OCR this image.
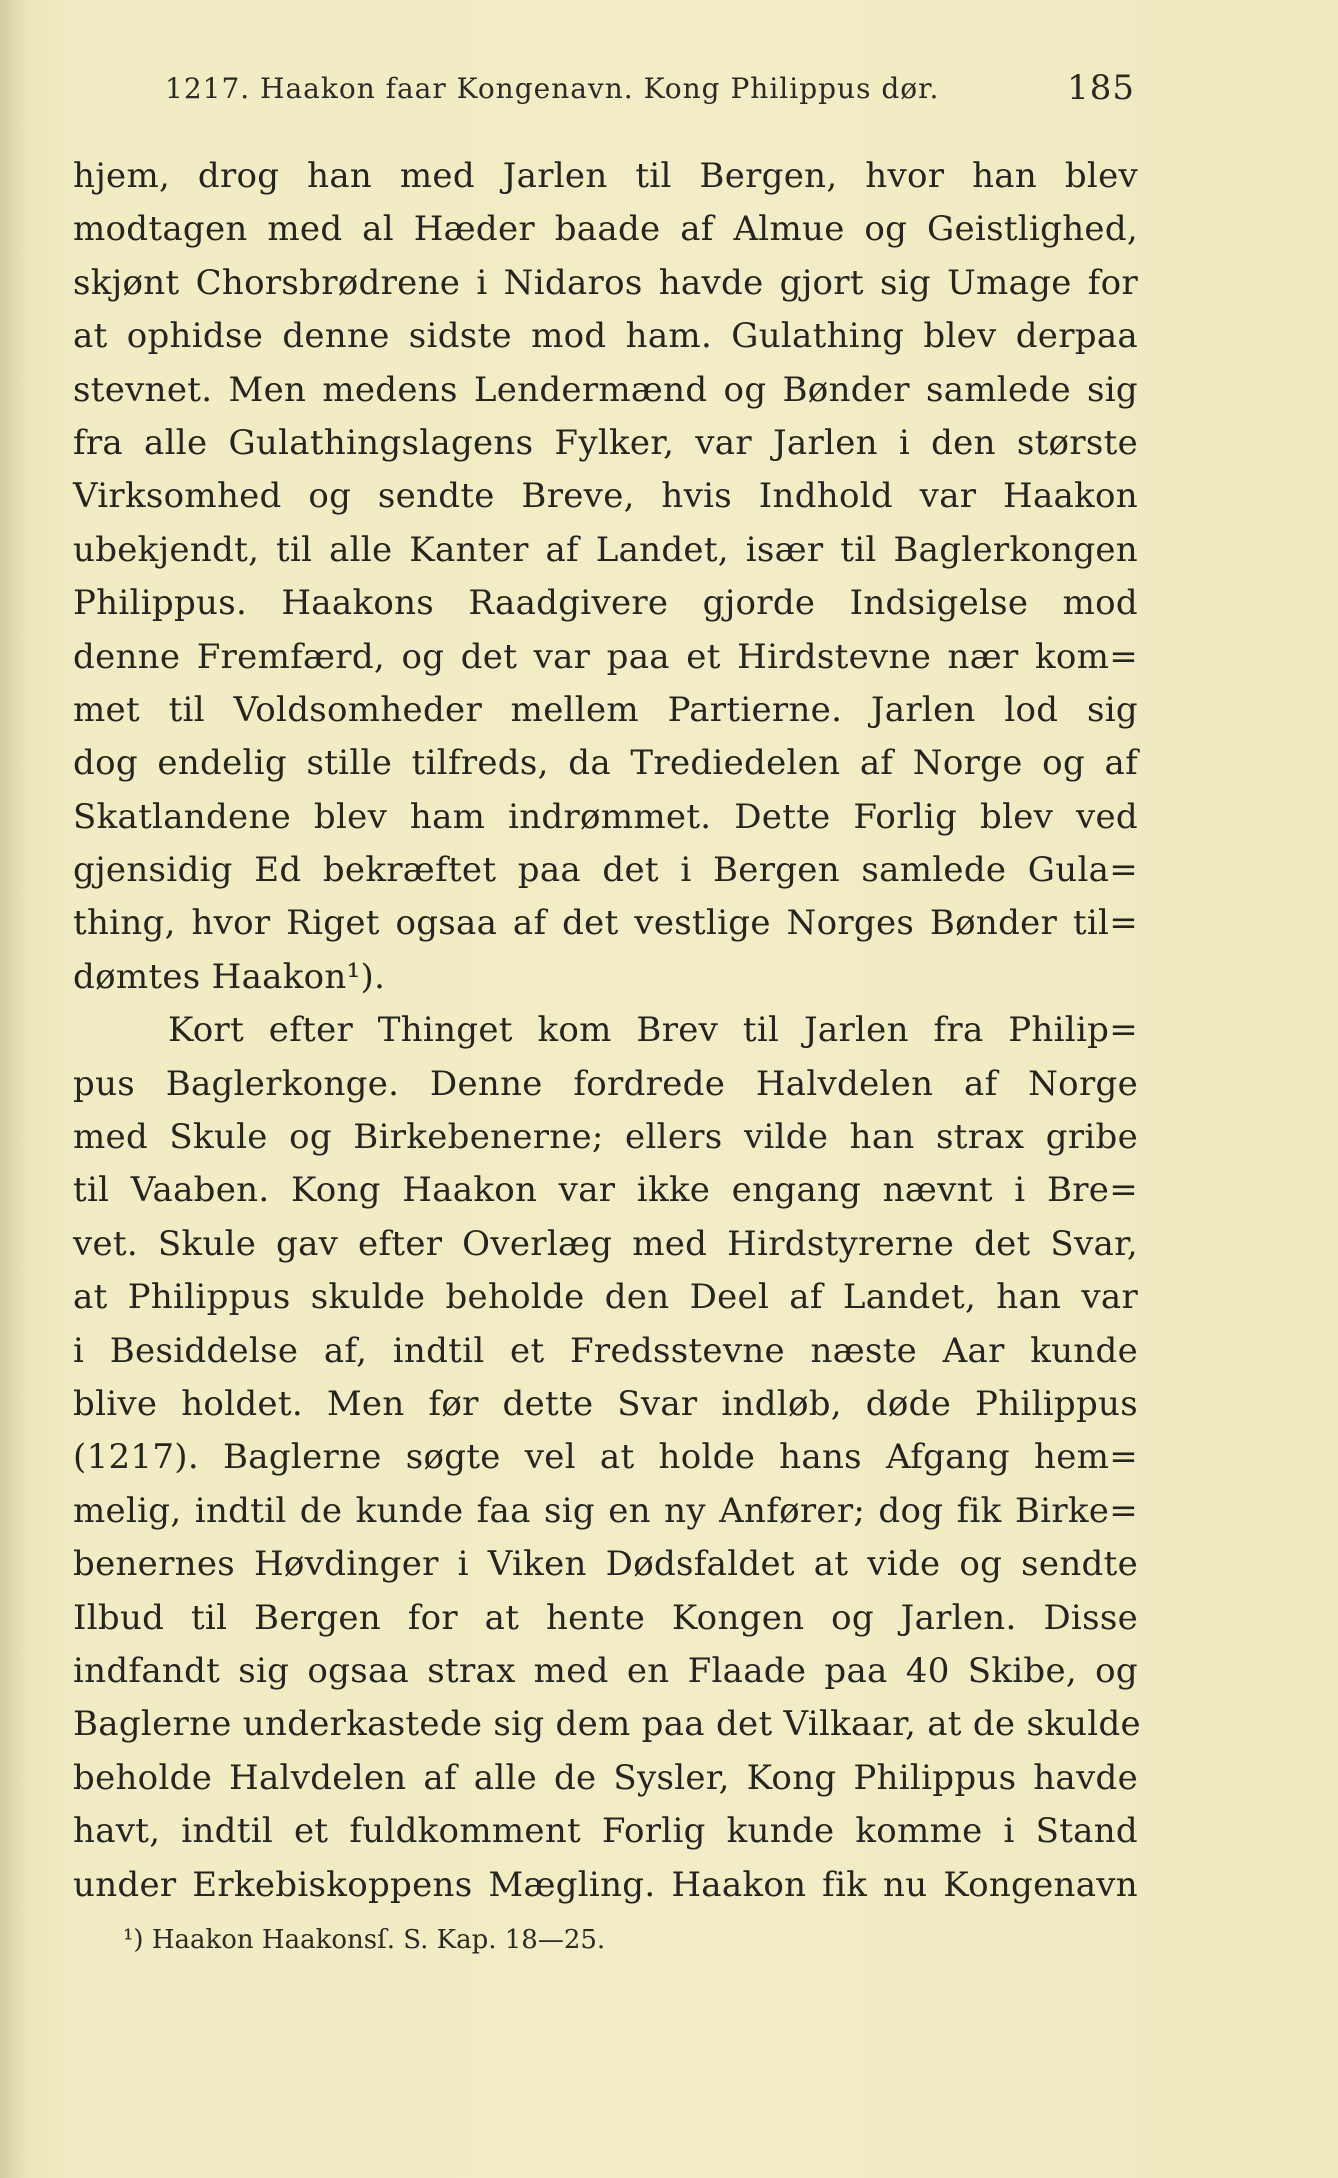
1217. Haakon faar Kongenavn. Kong Philippus dør.	185
hjem, drog han med Jarlen til Bergen, hvor han blev
modtagen med al Hæder baade af Almue og Geistlighed,
skjønt Chorsbrødrene i Nidaros havde gjort sig Umage for
at ophidse denne sidste mod ham. Gulathing blev derpaa
stevnet. Men medens Lendermænd og Bønder samlede sig
fra alle Gulathingslagens Fylker, var Jarlen i den største
Virksomhed og sendte Breve, hvis Indhold var Haakon
ubekjendt, til alle Kanter af Landet, især til Baglerkongen
Philippus. Haakons Raadgivere gjorde Indsigelse mod
denne Fremfærd, og det var paa et Hirdstevne nær kom=
met til Voldsomheder mellem Partierne. Jarlen lod sig
dog endelig stille tilfreds, da Trediedelen af Norge og af
Skatlandene blev ham indrømmet. Dette Forlig blev ved
gjensidig Ed bekræftet paa det i Bergen samlede Gula=
thing, hvor Riget ogsaa af det vestlige Norges Bønder til=
dømtes Haakon¹).
Kort efter Thinget kom Brev til Jarlen fra Philip=
pus Baglerkonge. Denne fordrede Halvdelen af Norge
med Skule og Birkebenerne; ellers vilde han strax gribe
til Vaaben. Kong Haakon var ikke engang nævnt i Bre=
vet. Skule gav efter Overlæg med Hirdstyrerne det Svar,
at Philippus skulde beholde den Deel af Landet, han var
i Besiddelse af, indtil et Fredsstevne næste Aar kunde
blive holdet. Men før dette Svar indløb, døde Philippus
(1217). Baglerne søgte vel at holde hans Afgang hem=
melig, indtil de kunde faa sig en ny Anfører; dog fik Birke=
benernes Høvdinger i Viken Dødsfaldet at vide og sendte
Ilbud til Bergen for at hente Kongen og Jarlen. Disse
indfandt sig ogsaa strax med en Flaade paa 40 Skibe, og
Baglerne underkastede sig dem paa det Vilkaar, at de skulde
beholde Halvdelen af alle de Sysler, Kong Philippus havde
havt, indtil et fuldkomment Forlig kunde komme i Stand
under Erkebiskoppens Mægling. Haakon fik nu Kongenavn
¹) Haakon Haakonsſ. S. Kap. 18—25.
